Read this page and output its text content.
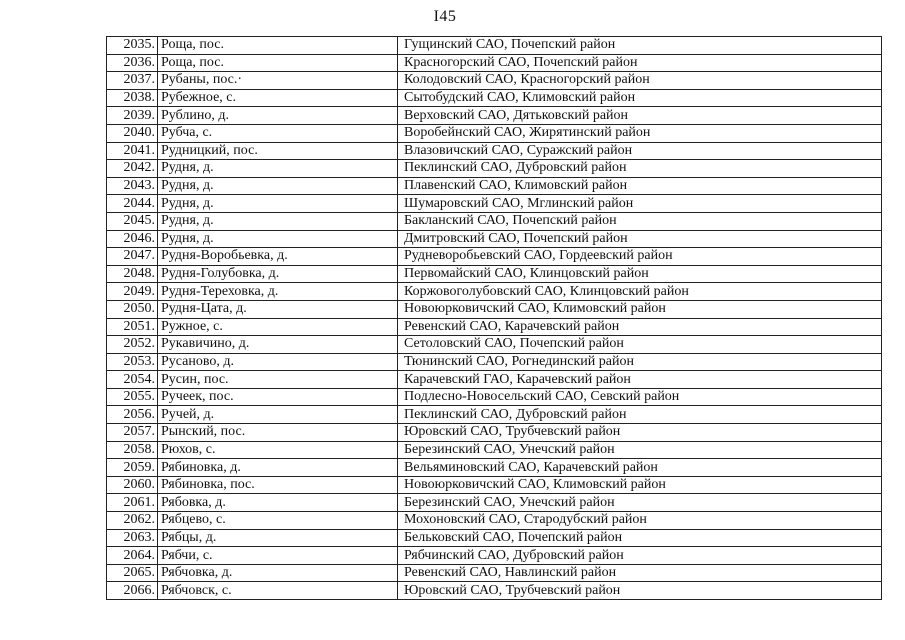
I45
2035.	Роща, пос.	Гущинский САО, Почепский район
2036.	Роща, пос.	Красногорский САО, Почепский район
2037.	Рубаны, пос.·	Колодовский САО, Красногорский район
2038.	Рубежное, с.	Сытобудский САО, Климовский район
2039.	Рублино, д.	Верховский САО, Дятьковский район
2040.	Рубча, с.	Воробейнский САО, Жирятинский район
2041.	Рудницкий, пос.	Влазовичский САО, Суражский район
2042.	Рудня, д.	Пеклинский САО, Дубровский район
2043.	Рудня, д.	Плавенский САО, Климовский район
2044.	Рудня, д.	Шумаровский САО, Мглинский район
2045.	Рудня, д.	Бакланский САО, Почепский район
2046.	Рудня, д.	Дмитровский САО, Почепский район
2047.	Рудня-Воробьевка, д.	Рудневоробьевский САО, Гордеевский район
2048.	Рудня-Голубовка, д.	Первомайский САО, Клинцовский район
2049.	Рудня-Тереховка, д.	Коржовоголубовский САО, Клинцовский район
2050.	Рудня-Цата, д.	Новоюрковичский САО, Климовский район
2051.	Ружное, с.	Ревенский САО, Карачевский район
2052.	Рукавичино, д.	Сетоловский САО, Почепский район
2053.	Русаново, д.	Тюнинский САО, Рогнединский район
2054.	Русин, пос.	Карачевский ГАО, Карачевский район
2055.	Ручеек, пос.	Подлесно-Новосельский САО, Севский район
2056.	Ручей, д.	Пеклинский САО, Дубровский район
2057.	Рынский, пос.	Юровский САО, Трубчевский район
2058.	Рюхов, с.	Березинский САО, Унечский район
2059.	Рябиновка, д.	Вельяминовский САО, Карачевский район
2060.	Рябиновка, пос.	Новоюрковичский САО, Климовский район
2061.	Рябовка, д.	Березинский САО, Унечский район
2062.	Рябцево, с.	Мохоновский САО, Стародубский район
2063.	Рябцы, д.	Бельковский САО, Почепский район
2064.	Рябчи, с.	Рябчинский САО, Дубровский район
2065.	Рябчовка, д.	Ревенский САО, Навлинский район
2066.	Рябчовск, с.	Юровский САО, Трубчевский район
